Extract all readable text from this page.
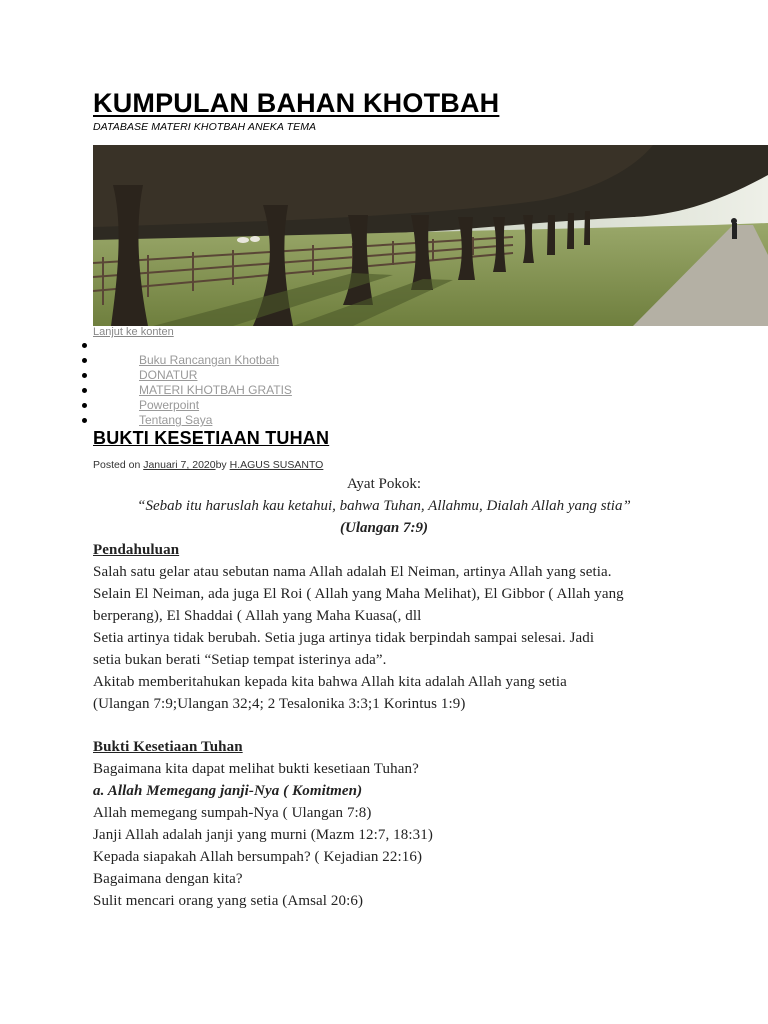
KUMPULAN BAHAN KHOTBAH
DATABASE MATERI KHOTBAH ANEKA TEMA
Lanjut ke konten
Buku Rancangan Khotbah
DONATUR
MATERI KHOTBAH GRATIS
Powerpoint
Tentang Saya
BUKTI KESETIAAN TUHAN
Posted on Januari 7, 2020by H.AGUS SUSANTO
Ayat Pokok:
“Sebab itu haruslah kau ketahui, bahwa Tuhan, Allahmu, Dialah Allah yang stia”
(Ulangan 7:9)
Pendahuluan
Salah satu gelar atau sebutan nama Allah adalah El Neiman, artinya Allah yang setia.
Selain El Neiman, ada juga El Roi ( Allah yang Maha Melihat), El Gibbor ( Allah yang
berperang), El Shaddai ( Allah yang Maha Kuasa(, dll
Setia artinya tidak berubah. Setia juga artinya tidak berpindah sampai selesai. Jadi
setia bukan berati “Setiap tempat isterinya ada”.
Akitab memberitahukan kepada kita bahwa Allah kita adalah Allah yang setia
(Ulangan 7:9;Ulangan 32;4; 2 Tesalonika 3:3;1 Korintus 1:9)
Bukti Kesetiaan Tuhan
Bagaimana kita dapat melihat bukti kesetiaan Tuhan?
a. Allah Memegang janji-Nya ( Komitmen)
Allah memegang sumpah-Nya ( Ulangan 7:8)
Janji Allah adalah janji yang murni (Mazm 12:7, 18:31)
Kepada siapakah Allah bersumpah? ( Kejadian 22:16)
Bagaimana dengan kita?
Sulit mencari orang yang setia (Amsal 20:6)
